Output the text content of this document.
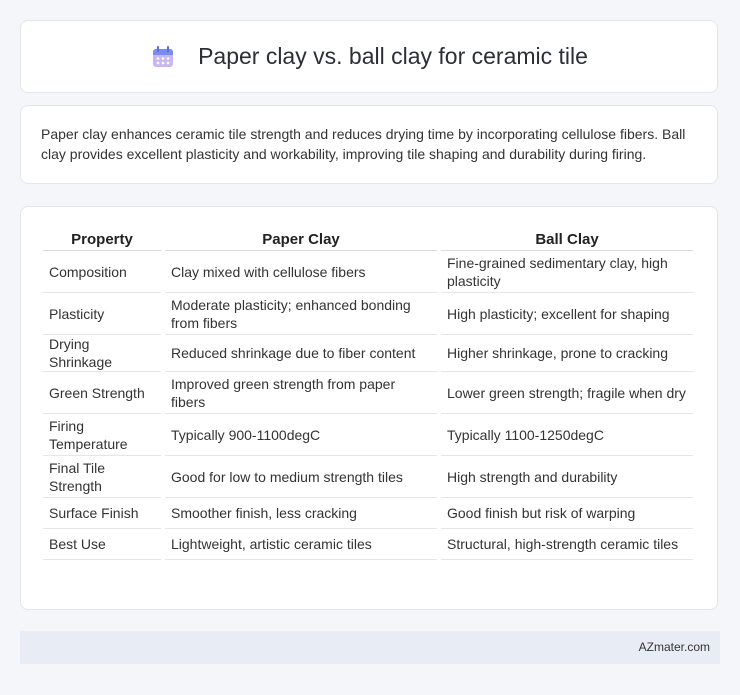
Paper clay vs. ball clay for ceramic tile

Paper clay enhances ceramic tile strength and reduces drying time by incorporating cellulose fibers. Ball clay provides excellent plasticity and workability, improving tile shaping and durability during firing.

Property	Paper Clay	Ball Clay
Composition	Clay mixed with cellulose fibers	Fine-grained sedimentary clay, high plasticity
Plasticity	Moderate plasticity; enhanced bonding from fibers	High plasticity; excellent for shaping
Drying Shrinkage	Reduced shrinkage due to fiber content	Higher shrinkage, prone to cracking
Green Strength	Improved green strength from paper fibers	Lower green strength; fragile when dry
Firing Temperature	Typically 900-1100degC	Typically 1100-1250degC
Final Tile Strength	Good for low to medium strength tiles	High strength and durability
Surface Finish	Smoother finish, less cracking	Good finish but risk of warping
Best Use	Lightweight, artistic ceramic tiles	Structural, high-strength ceramic tiles
AZmater.com
